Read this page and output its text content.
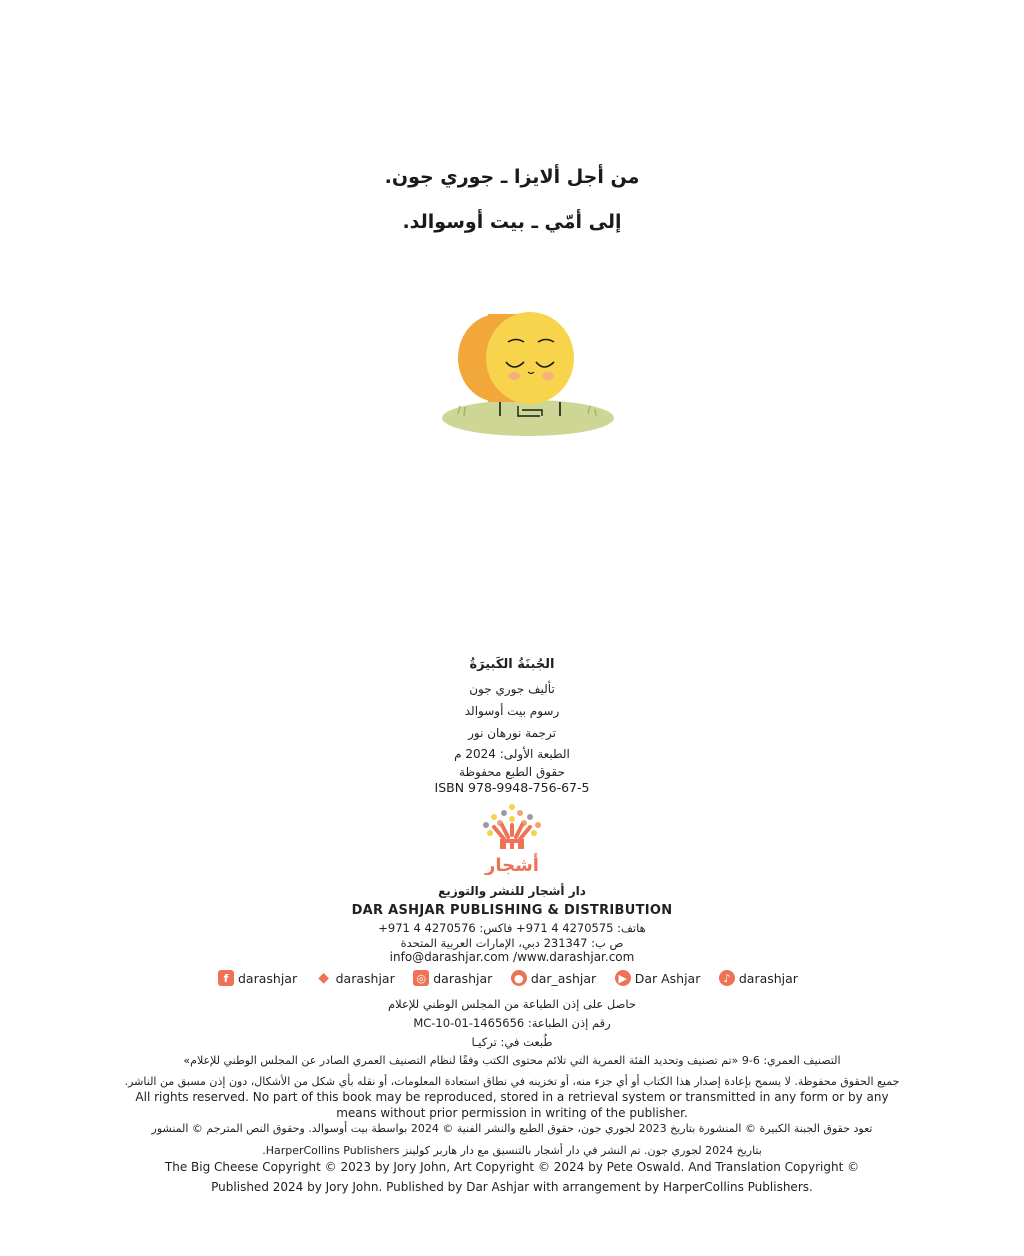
من أجل ألايزا ـ جوري جون.
إلى أمّي ـ بيت أوسوالد.
الجُبنَةُ الكَبيرَةُ
تأليف جوري جون
رسوم بيت أوسوالد
ترجمة نورهان نور
الطبعة الأولى: 2024 م
حقوق الطبع محفوظة
ISBN 978-9948-756-67-5
أشجار
دار أشجار للنشر والتوزيع
DAR ASHJAR PUBLISHING & DISTRIBUTION
هاتف: 4270575 4 971+ فاكس: 4270576 4 971+
ص ب: 231347 دبي، الإمارات العربية المتحدة
info@darashjar.com /www.darashjar.com
f darashjar ◆ darashjar ◎ darashjar ● dar_ashjar	▶ Dar Ashjar	♪ darashjar
حاصل على إذن الطباعة من المجلس الوطني للإعلام
رقم إذن الطباعة: MC-10-01-1465656
طُبعت في: تركيـا
التصنيف العمري: 6-9 «تم تصنيف وتحديد الفئة العمرية التي تلائم محتوى الكتب وفقًا لنظام التصنيف العمري الصادر عن المجلس الوطني للإعلام»
جميع الحقوق محفوظة. لا يسمح بإعادة إصدار هذا الكتاب أو أي جزء منه، أو تخزينه في نطاق استعادة المعلومات، أو نقله بأي شكل من الأشكال، دون إذن مسبق من الناشر.
All rights reserved. No part of this book may be reproduced, stored in a retrieval system or transmitted in any form or by any
means without prior permission in writing of the publisher.
تعود حقوق الجبنة الكبيرة © المنشورة بتاريخ 2023 لجوري جون، حقوق الطبع والنشر الفنية © 2024 بواسطة بيت أوسوالد. وحقوق النص المترجم © المنشور
بتاريخ 2024 لجوري جون. تم النشر في دار أشجار بالتنسيق مع دار هاربر كولينز HarperCollins Publishers.
The Big Cheese Copyright © 2023 by Jory John, Art Copyright © 2024 by Pete Oswald. And Translation Copyright ©
Published 2024 by Jory John. Published by Dar Ashjar with arrangement by HarperCollins Publishers.
